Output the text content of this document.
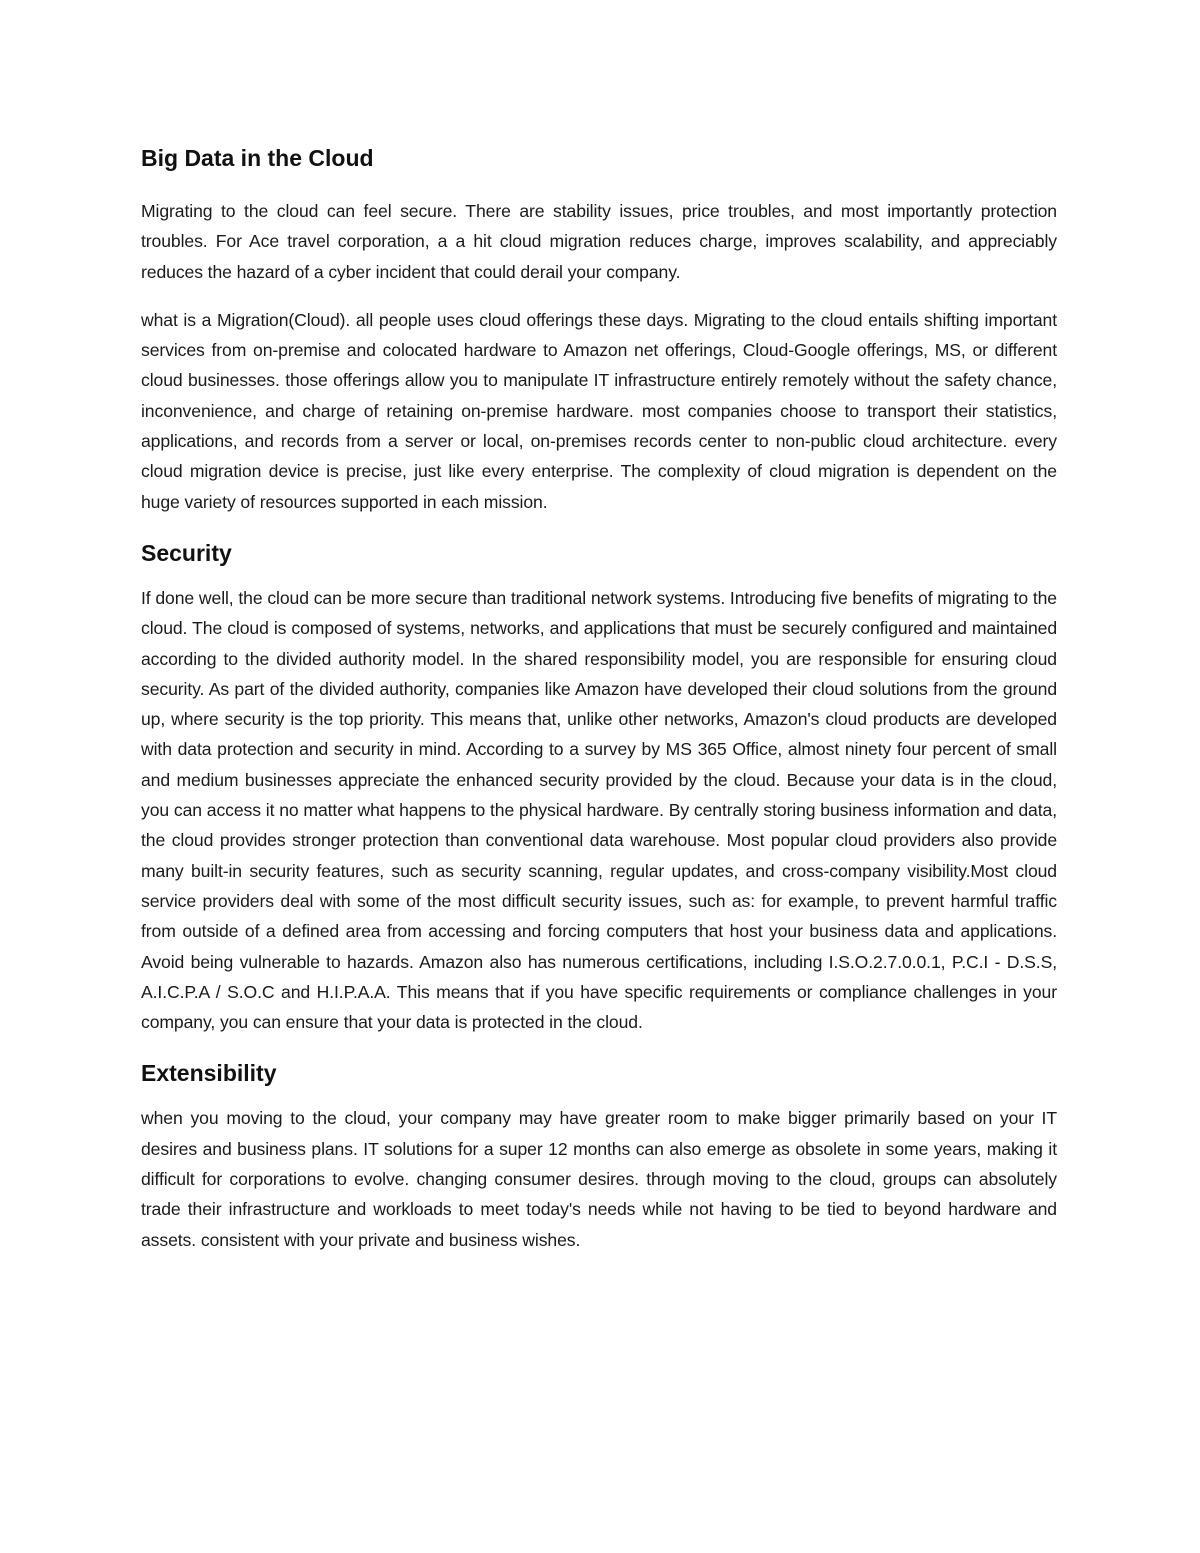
Big Data in the Cloud

Migrating to the cloud can feel secure. There are stability issues, price troubles, and most importantly protection troubles. For Ace travel corporation, a a hit cloud migration reduces charge, improves scalability, and appreciably reduces the hazard of a cyber incident that could derail your company.

what is a Migration(Cloud). all people uses cloud offerings these days. Migrating to the cloud entails shifting important services from on-premise and colocated hardware to Amazon net offerings, Cloud-Google offerings, MS, or different cloud businesses. those offerings allow you to manipulate IT infrastructure entirely remotely without the safety chance, inconvenience, and charge of retaining on-premise hardware. most companies choose to transport their statistics, applications, and records from a server or local, on-premises records center to non-public cloud architecture. every cloud migration device is precise, just like every enterprise. The complexity of cloud migration is dependent on the huge variety of resources supported in each mission.

Security

If done well, the cloud can be more secure than traditional network systems. Introducing five benefits of migrating to the cloud. The cloud is composed of systems, networks, and applications that must be securely configured and maintained according to the divided authority model. In the shared responsibility model, you are responsible for ensuring cloud security. As part of the divided authority, companies like Amazon have developed their cloud solutions from the ground up, where security is the top priority. This means that, unlike other networks, Amazon's cloud products are developed with data protection and security in mind. According to a survey by MS 365 Office, almost ninety four percent of small and medium businesses appreciate the enhanced security provided by the cloud. Because your data is in the cloud, you can access it no matter what happens to the physical hardware. By centrally storing business information and data, the cloud provides stronger protection than conventional data warehouse. Most popular cloud providers also provide many built-in security features, such as security scanning, regular updates, and cross-company visibility.Most cloud service providers deal with some of the most difficult security issues, such as: for example, to prevent harmful traffic from outside of a defined area from accessing and forcing computers that host your business data and applications. Avoid being vulnerable to hazards. Amazon also has numerous certifications, including I.S.O.2.7.0.0.1, P.C.I - D.S.S, A.I.C.P.A / S.O.C and H.I.P.A.A. This means that if you have specific requirements or compliance challenges in your company, you can ensure that your data is protected in the cloud.

Extensibility

when you moving to the cloud, your company may have greater room to make bigger primarily based on your IT desires and business plans. IT solutions for a super 12 months can also emerge as obsolete in some years, making it difficult for corporations to evolve. changing consumer desires. through moving to the cloud, groups can absolutely trade their infrastructure and workloads to meet today's needs while not having to be tied to beyond hardware and assets. consistent with your private and business wishes.
